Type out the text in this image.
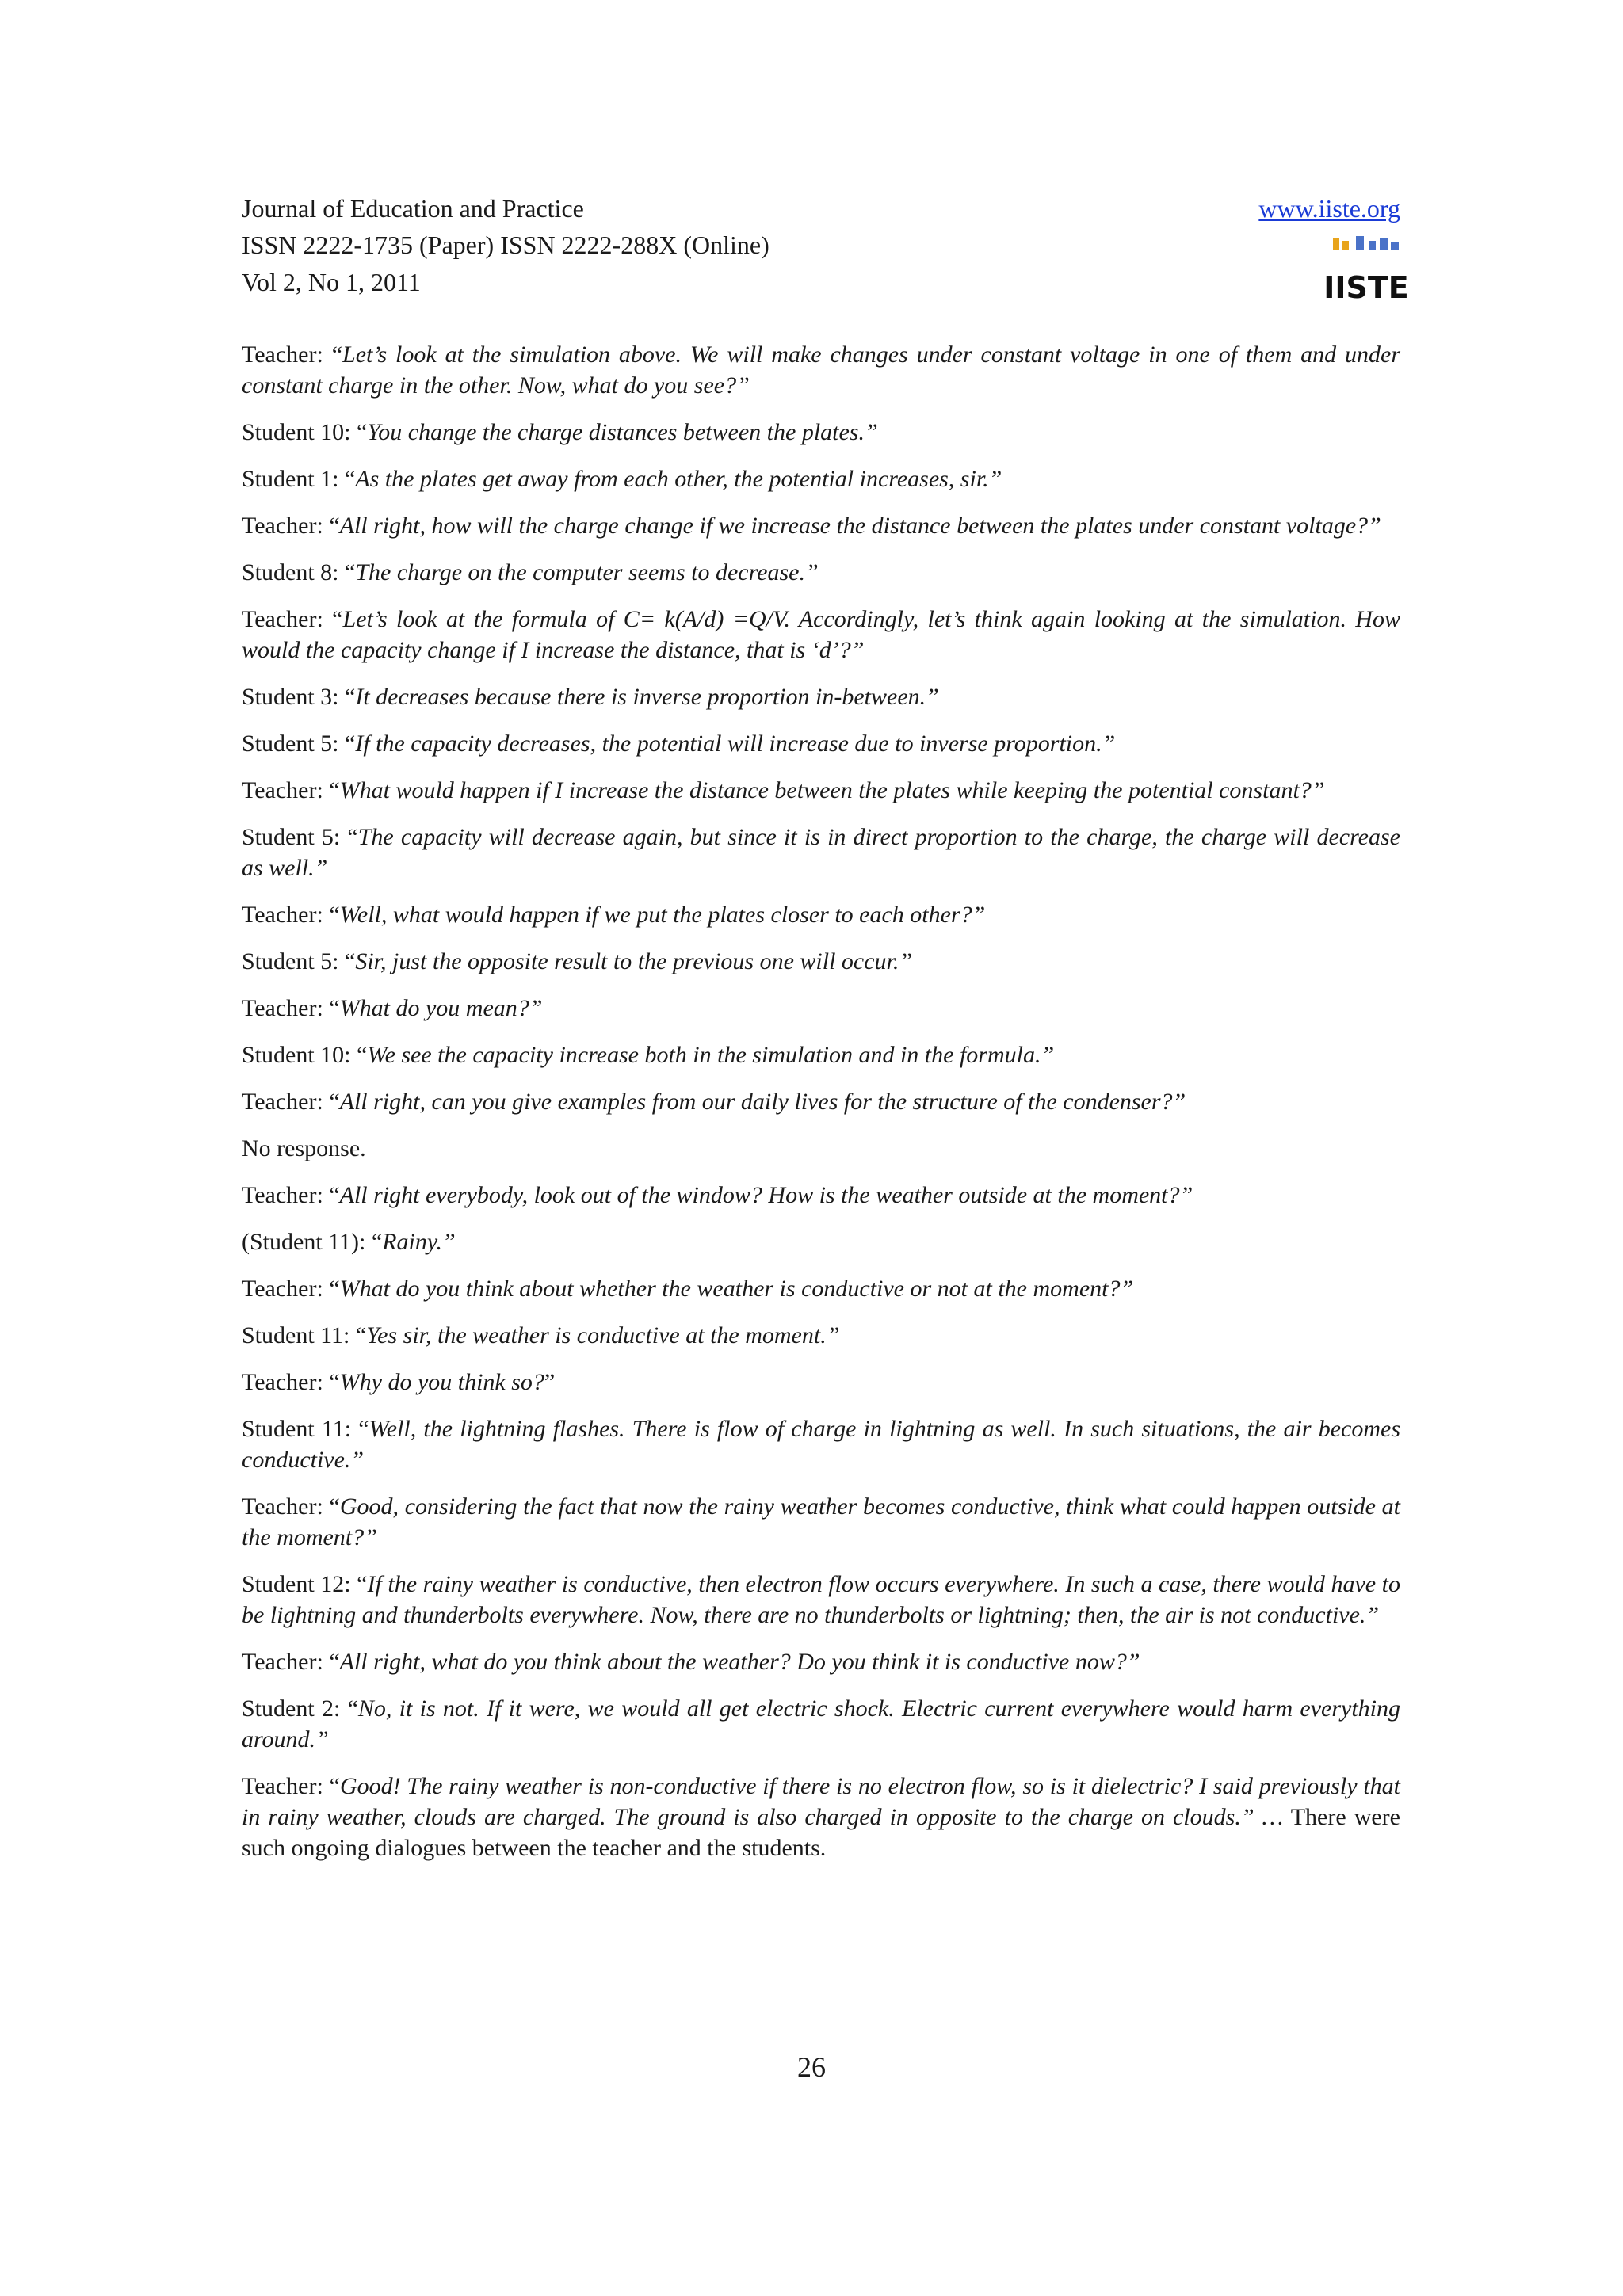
Journal of Education and Practice
ISSN 2222-1735 (Paper) ISSN 2222-288X (Online)
Vol 2, No 1, 2011
www.iiste.org
IISTE

Teacher: “Let’s look at the simulation above. We will make changes under constant voltage in one of them and under constant charge in the other. Now, what do you see?”

Student 10: “You change the charge distances between the plates.”

Student 1: “As the plates get away from each other, the potential increases, sir.”

Teacher: “All right, how will the charge change if we increase the distance between the plates under constant voltage?”

Student 8: “The charge on the computer seems to decrease.”

Teacher: “Let’s look at the formula of C= k(A/d) =Q/V. Accordingly, let’s think again looking at the simulation. How would the capacity change if I increase the distance, that is ‘d’?”

Student 3: “It decreases because there is inverse proportion in-between.”

Student 5: “If the capacity decreases, the potential will increase due to inverse proportion.”

Teacher: “What would happen if I increase the distance between the plates while keeping the potential constant?”

Student 5: “The capacity will decrease again, but since it is in direct proportion to the charge, the charge will decrease as well.”

Teacher: “Well, what would happen if we put the plates closer to each other?”

Student 5: “Sir, just the opposite result to the previous one will occur.”

Teacher: “What do you mean?”

Student 10: “We see the capacity increase both in the simulation and in the formula.”

Teacher: “All right, can you give examples from our daily lives for the structure of the condenser?”

No response.

Teacher: “All right everybody, look out of the window? How is the weather outside at the moment?”

(Student 11): “Rainy.”

Teacher: “What do you think about whether the weather is conductive or not at the moment?”

Student 11: “Yes sir, the weather is conductive at the moment.”

Teacher: “Why do you think so?”

Student 11: “Well, the lightning flashes. There is flow of charge in lightning as well. In such situations, the air becomes conductive.”

Teacher: “Good, considering the fact that now the rainy weather becomes conductive, think what could happen outside at the moment?”

Student 12: “If the rainy weather is conductive, then electron flow occurs everywhere. In such a case, there would have to be lightning and thunderbolts everywhere. Now, there are no thunderbolts or lightning; then, the air is not conductive.”

Teacher: “All right, what do you think about the weather? Do you think it is conductive now?”

Student 2: “No, it is not. If it were, we would all get electric shock. Electric current everywhere would harm everything around.”

Teacher: “Good! The rainy weather is non-conductive if there is no electron flow, so is it dielectric? I said previously that in rainy weather, clouds are charged. The ground is also charged in opposite to the charge on clouds.” … There were such ongoing dialogues between the teacher and the students.

26
